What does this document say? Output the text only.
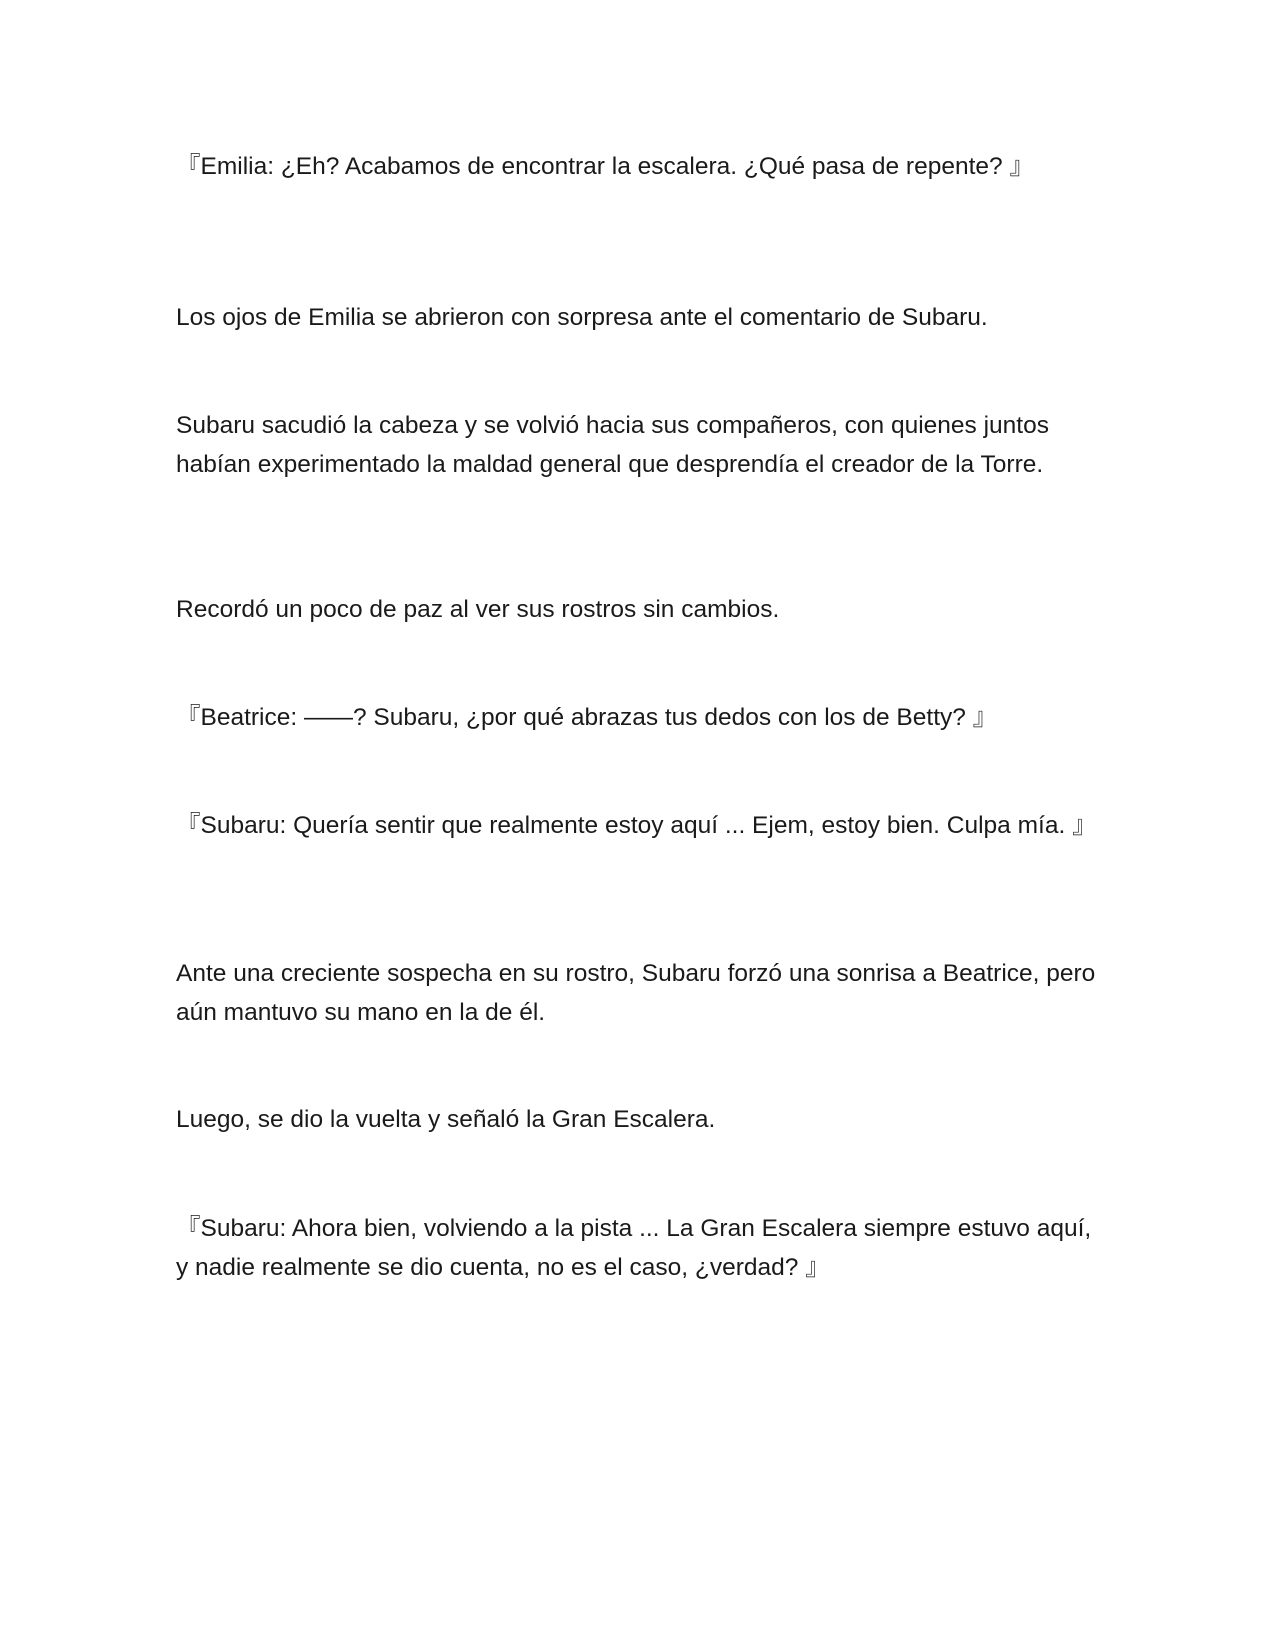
『Emilia: ¿Eh? Acabamos de encontrar la escalera. ¿Qué pasa de repente? 』

Los ojos de Emilia se abrieron con sorpresa ante el comentario de Subaru.

Subaru sacudió la cabeza y se volvió hacia sus compañeros, con quienes juntos habían experimentado la maldad general que desprendía el creador de la Torre.

Recordó un poco de paz al ver sus rostros sin cambios.

『Beatrice: ——? Subaru, ¿por qué abrazas tus dedos con los de Betty? 』

『Subaru: Quería sentir que realmente estoy aquí ... Ejem, estoy bien. Culpa mía. 』

Ante una creciente sospecha en su rostro, Subaru forzó una sonrisa a Beatrice, pero aún mantuvo su mano en la de él.

Luego, se dio la vuelta y señaló la Gran Escalera.

『Subaru: Ahora bien, volviendo a la pista ... La Gran Escalera siempre estuvo aquí, y nadie realmente se dio cuenta, no es el caso, ¿verdad? 』
